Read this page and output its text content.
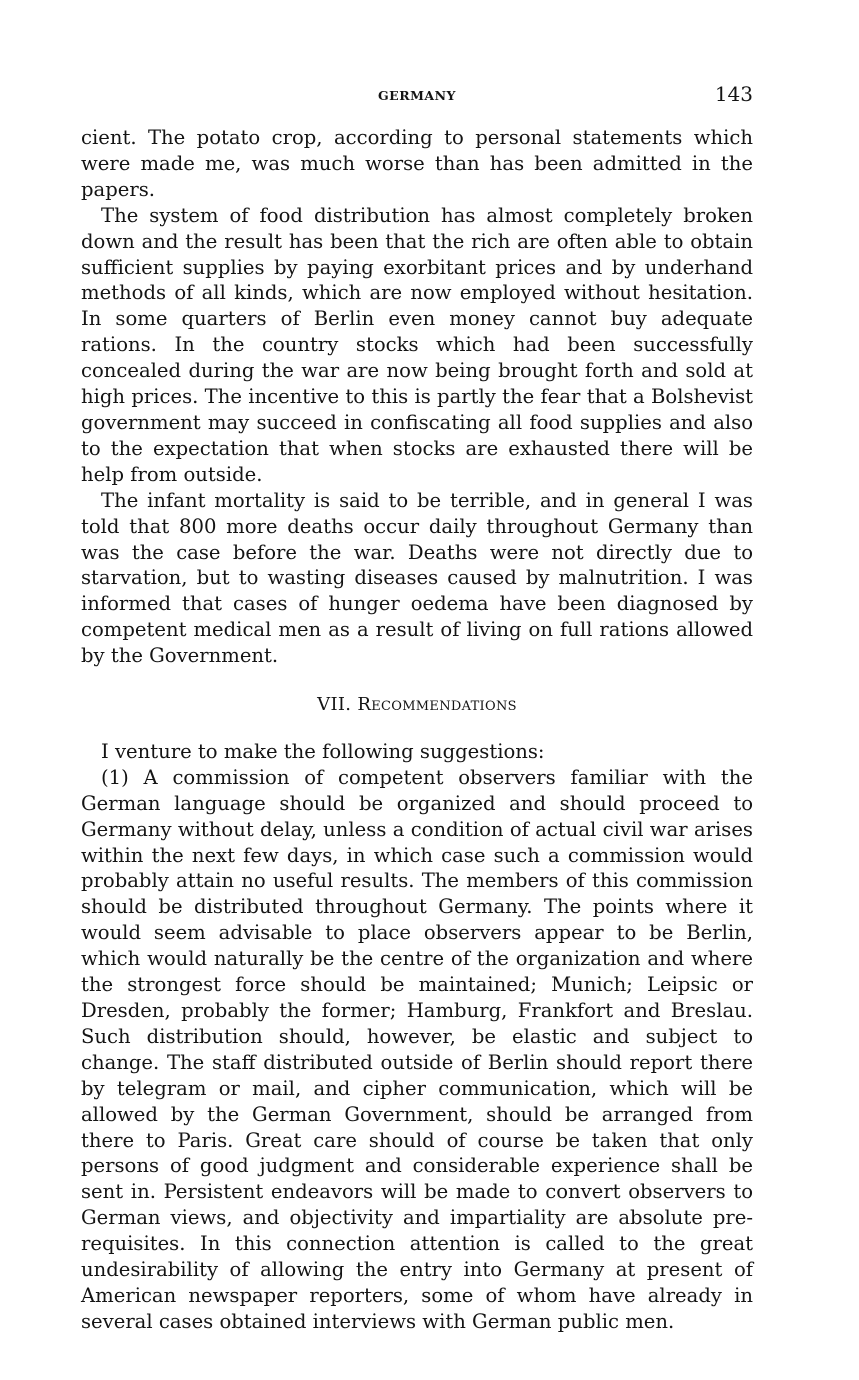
GERMANY	143

cient. The potato crop, according to personal statements which were made me, was much worse than has been admitted in the papers.

The system of food distribution has almost completely broken down and the result has been that the rich are often able to obtain sufficient supplies by paying exorbitant prices and by underhand methods of all kinds, which are now employed without hesitation. In some quarters of Berlin even money cannot buy adequate rations. In the country stocks which had been successfully concealed during the war are now being brought forth and sold at high prices. The incentive to this is partly the fear that a Bolshevist government may succeed in confiscating all food supplies and also to the expectation that when stocks are exhausted there will be help from outside.

The infant mortality is said to be terrible, and in general I was told that 800 more deaths occur daily throughout Germany than was the case before the war. Deaths were not directly due to starvation, but to wasting diseases caused by malnutrition. I was informed that cases of hunger oedema have been diagnosed by competent medical men as a result of living on full rations allowed by the Government.

VII. Recommendations

I venture to make the following suggestions:

(1) A commission of competent observers familiar with the German language should be organized and should proceed to Germany without delay, unless a condition of actual civil war arises within the next few days, in which case such a commission would probably attain no useful results. The members of this commission should be distributed throughout Germany. The points where it would seem advisable to place observers appear to be Berlin, which would naturally be the centre of the organization and where the strongest force should be maintained; Munich; Leipsic or Dresden, probably the former; Hamburg, Frankfort and Breslau. Such distribution should, however, be elastic and subject to change. The staff distributed outside of Berlin should report there by telegram or mail, and cipher communication, which will be allowed by the German Government, should be arranged from there to Paris. Great care should of course be taken that only persons of good judgment and considerable experience shall be sent in. Persistent endeavors will be made to convert observers to German views, and objectivity and impartiality are absolute pre-requisites. In this connection attention is called to the great undesirability of allowing the entry into Germany at present of American newspaper reporters, some of whom have already in several cases obtained interviews with German public men.
